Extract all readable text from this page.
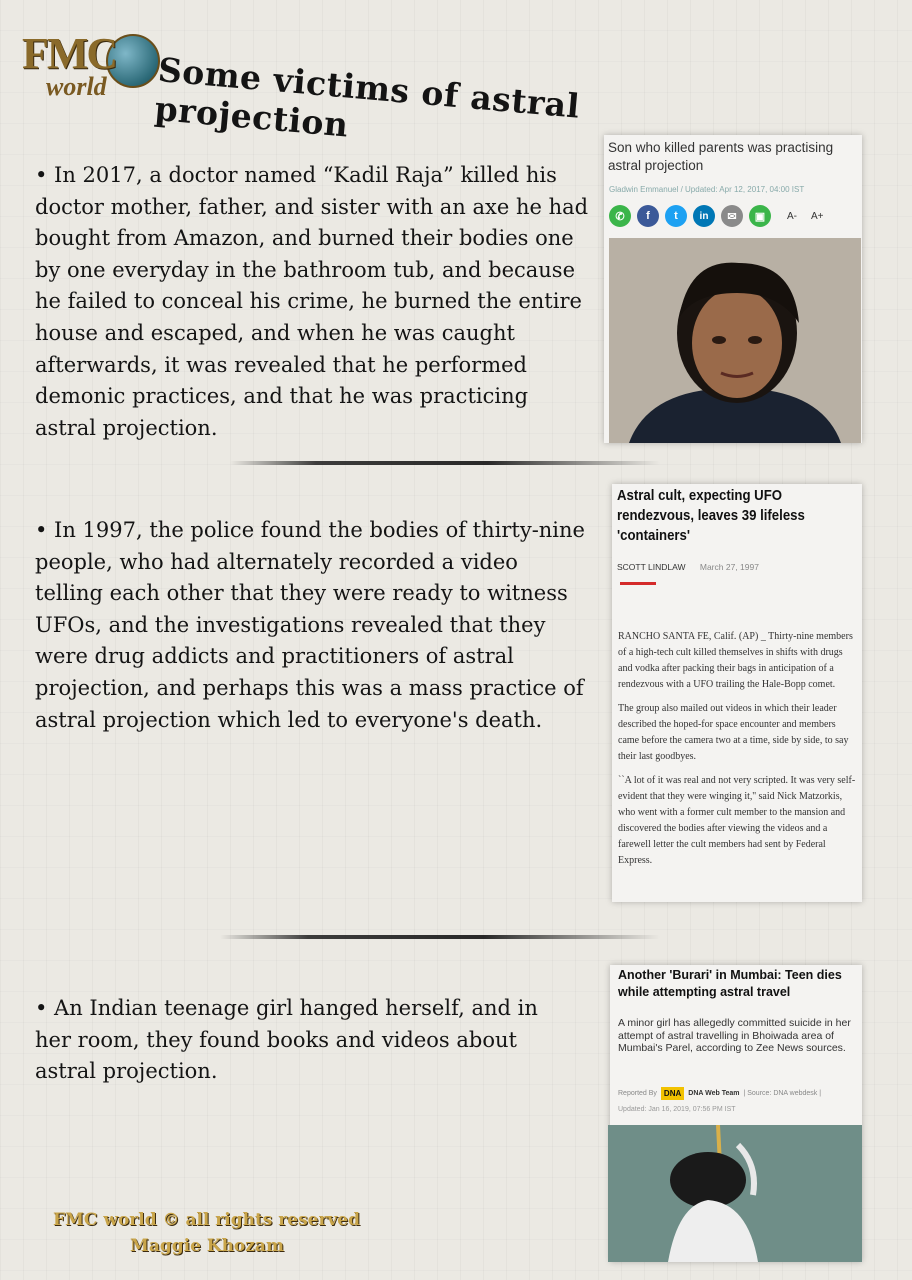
FMC
world Some victims of astral projection
• In 2017, a doctor named “Kadil Raja” killed his doctor mother, father, and sister with an axe he had bought from Amazon, and burned their bodies one by one everyday in the bathroom tub, and because he failed to conceal his crime, he burned the entire house and escaped, and when he was caught afterwards, it was revealed that he performed demonic practices, and that he was practicing astral projection.
• In 1997, the police found the bodies of thirty-nine people, who had alternately recorded a video telling each other that they were ready to witness UFOs, and the investigations revealed that they were drug addicts and practitioners of astral projection, and perhaps this was a mass practice of astral projection which led to everyone's death.
• An Indian teenage girl hanged herself, and in her room, they found books and videos about astral projection.
Son who killed parents was practising astral projection
Gladwin Emmanuel / Updated: Apr 12, 2017, 04:00 IST
✆	f	t	in	✉	▣	A- A+
Astral cult, expecting UFO rendezvous, leaves 39 lifeless 'containers'
SCOTT LINDLAW March 27, 1997

RANCHO SANTA FE, Calif. (AP) _ Thirty-nine members of a high-tech cult killed themselves in shifts with drugs and vodka after packing their bags in anticipation of a rendezvous with a UFO trailing the Hale-Bopp comet.

The group also mailed out videos in which their leader described the hoped-for space encounter and members came before the camera two at a time, side by side, to say their last goodbyes.

``A lot of it was real and not very scripted. It was very self-evident that they were winging it,'' said Nick Matzorkis, who went with a former cult member to the mansion and discovered the bodies after viewing the videos and a farewell letter the cult members had sent by Federal Express.

Another 'Burari' in Mumbai: Teen dies while attempting astral travel
A minor girl has allegedly committed suicide in her attempt of astral travelling in Bhoiwada area of Mumbai's Parel, according to Zee News sources.
Reported By DNA	DNA Web Team | Source: DNA webdesk |
Updated: Jan 16, 2019, 07:56 PM IST
FMC world © all rights reserved
Maggie Khozam
